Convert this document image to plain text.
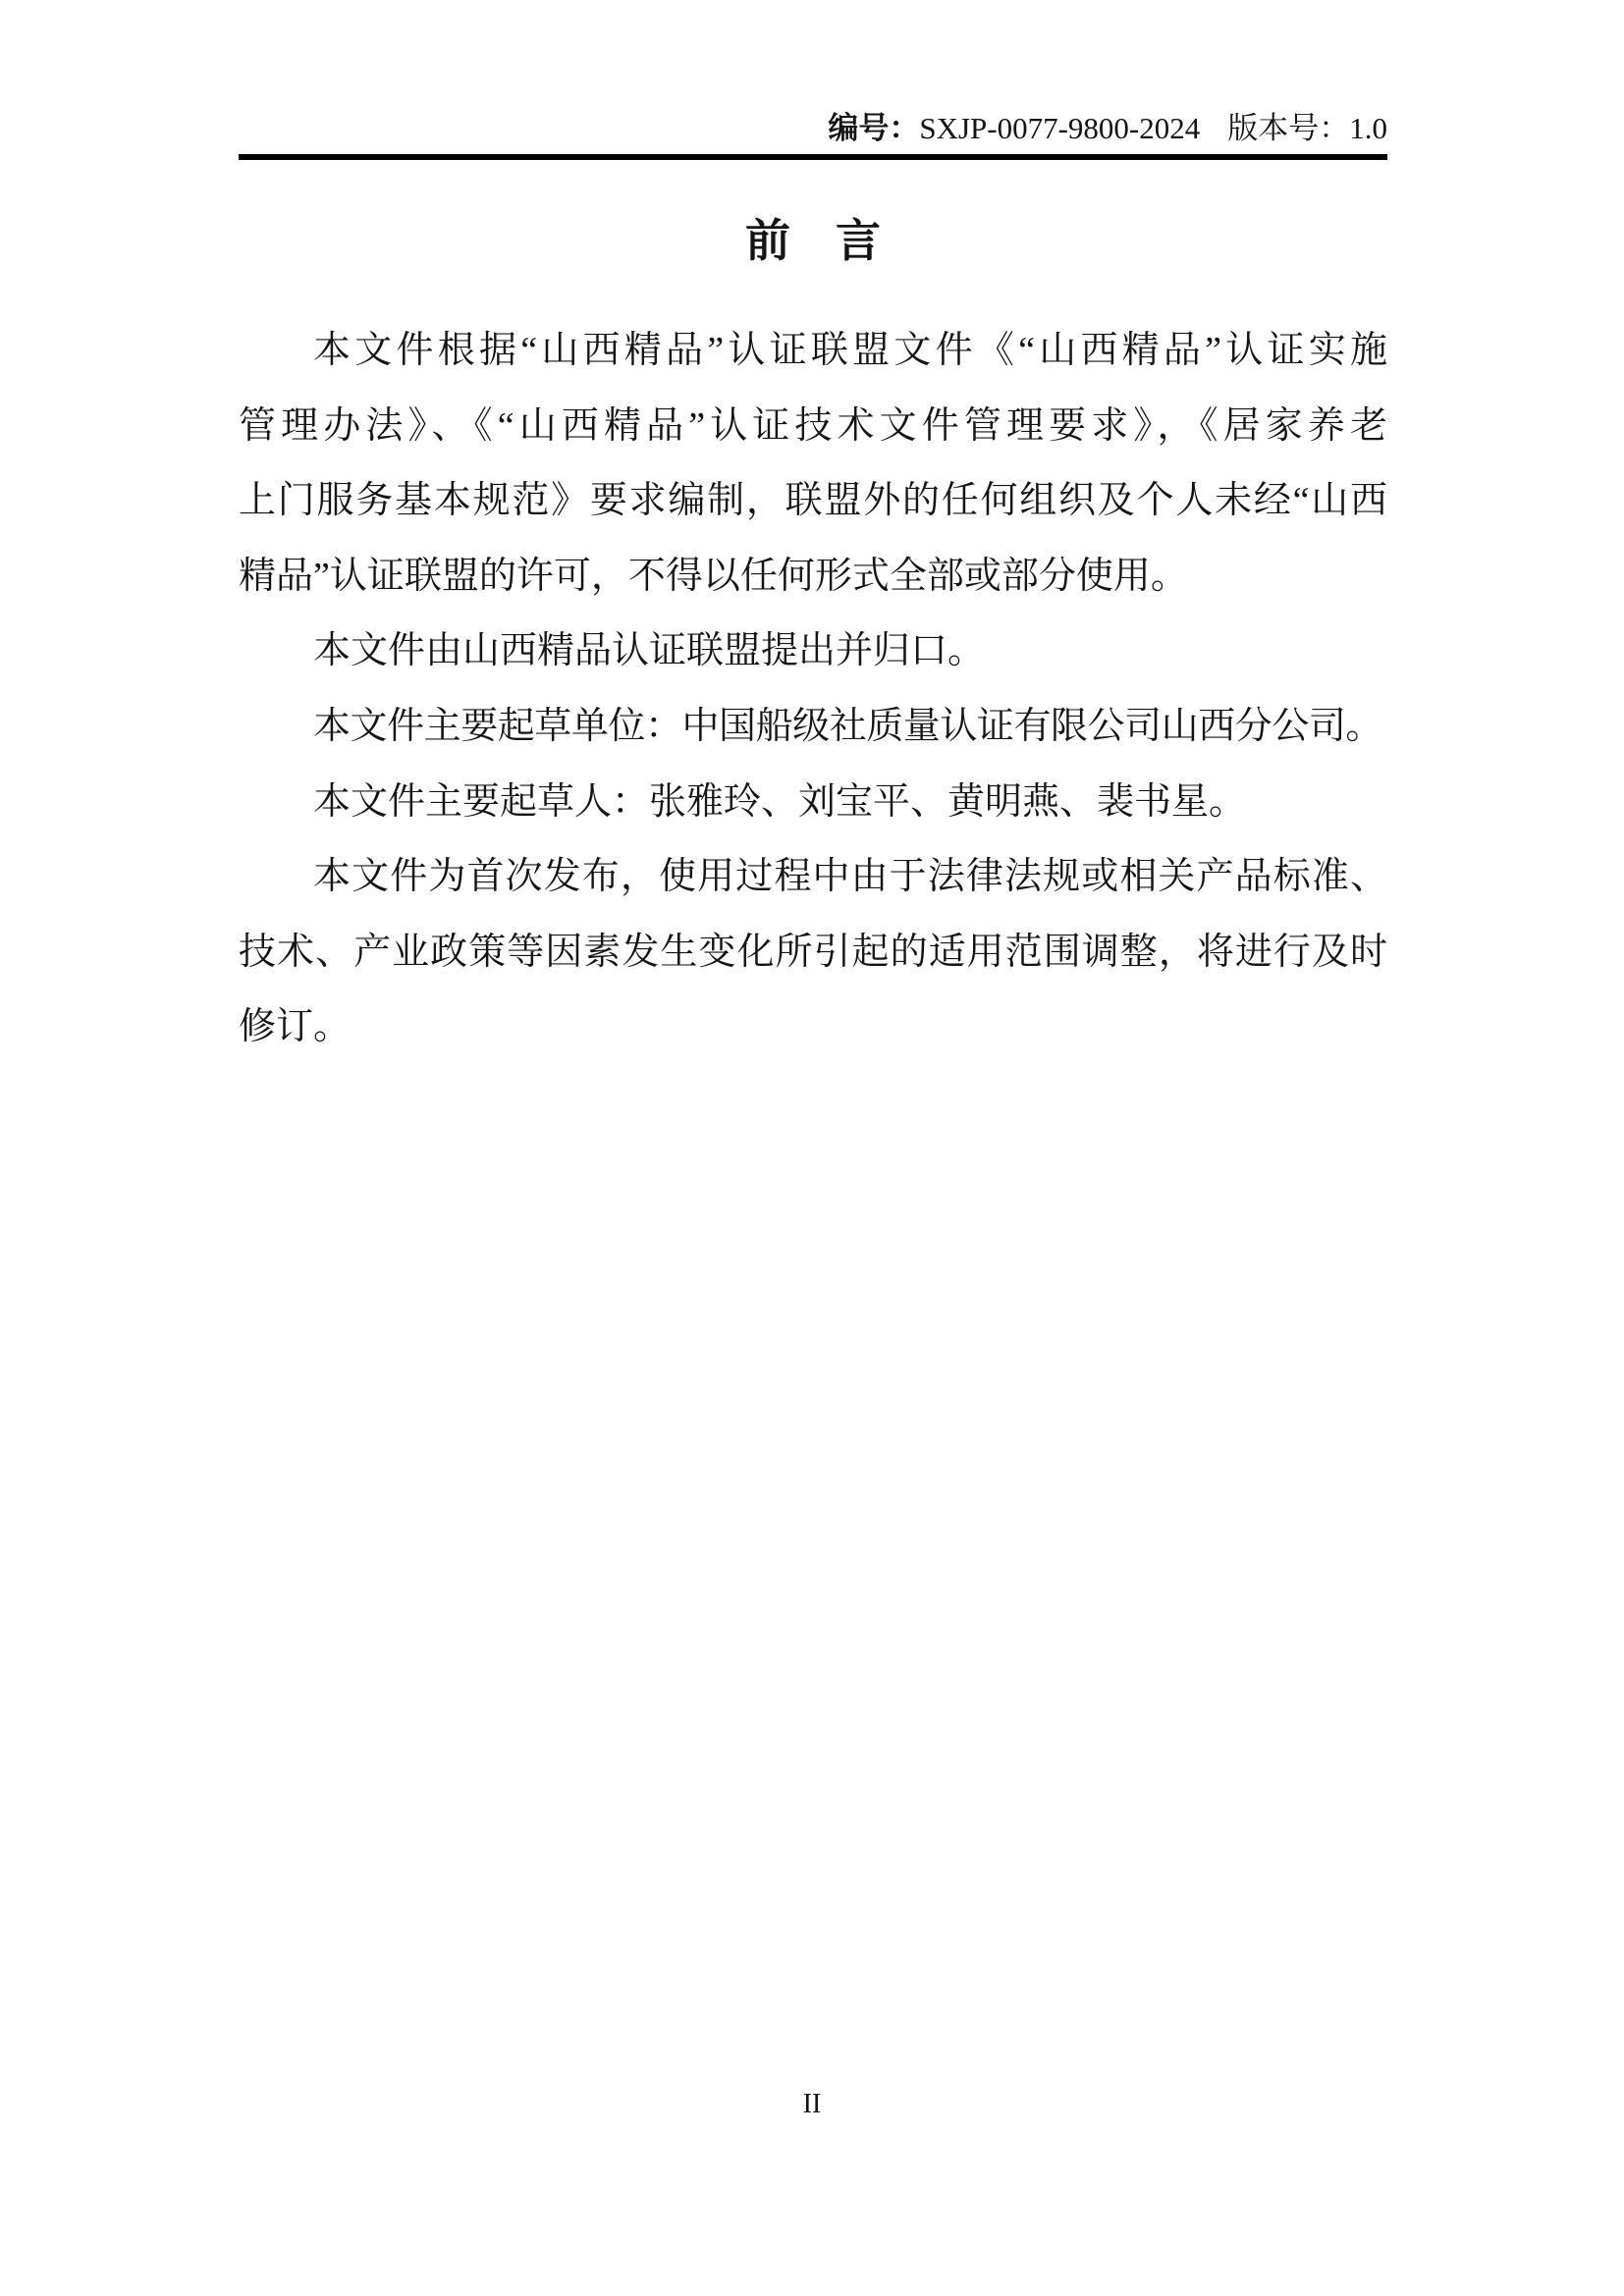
编号：SXJP-0077-9800-2024 版本号：1.0
前　言
本文件根据“山西精品”认证联盟文件《“山西精品”认证实施
管理办法》、《“山西精品”认证技术文件管理要求》，《居家养老
上门服务基本规范》要求编制，联盟外的任何组织及个人未经“山西
精品”认证联盟的许可，不得以任何形式全部或部分使用。
本文件由山西精品认证联盟提出并归口。
本文件主要起草单位：中国船级社质量认证有限公司山西分公司。
本文件主要起草人：张雅玲、刘宝平、黄明燕、裴书星。
本文件为首次发布，使用过程中由于法律法规或相关产品标准、
技术、产业政策等因素发生变化所引起的适用范围调整，将进行及时
修订。
II
